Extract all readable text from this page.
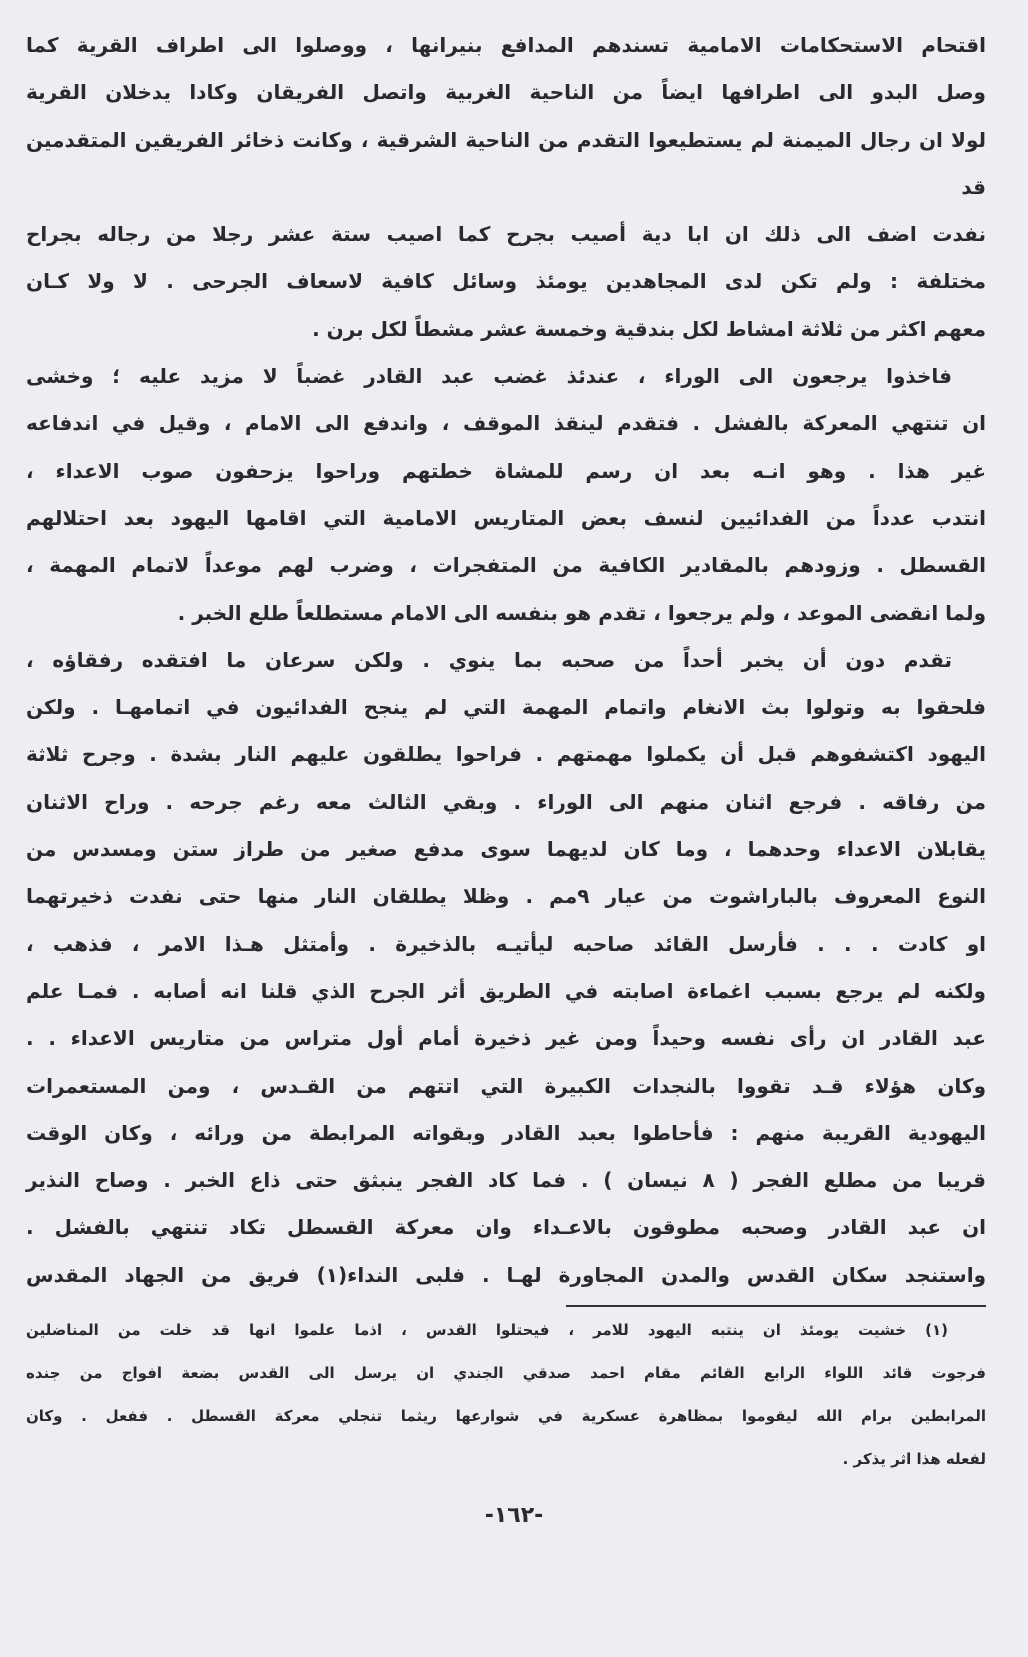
اقتحام الاستحكامات الامامية تسندهم المدافع بنيرانها ، ووصلوا الى اطراف القرية كما
وصل البدو الى اطرافها ايضاً من الناحية الغربية واتصل الفريقان وكادا يدخلان القرية
لولا ان رجال الميمنة لم يستطيعوا التقدم من الناحية الشرقية ، وكانت ذخائر الفريقين المتقدمين قد
نفدت اضف الى ذلك ان ابا دية أصيب بجرح كما اصيب ستة عشر رجلا من رجاله بجراح
مختلفة : ولم تكن لدى المجاهدين يومئذ وسائل كافية لاسعاف الجرحى . لا ولا كـان
معهم اكثر من ثلاثة امشاط لكل بندقية وخمسة عشر مشطاً لكل برن .
فاخذوا يرجعون الى الوراء ، عندئذ غضب عبد القادر غضباً لا مزيد عليه ؛ وخشى
ان تنتهي المعركة بالفشل . فتقدم لينقذ الموقف ، واندفع الى الامام ، وقيل في اندفاعه
غير هذا . وهو انـه بعد ان رسم للمشاة خطتهم وراحوا يزحفون صوب الاعداء ،
انتدب عدداً من الفدائيين لنسف بعض المتاريس الامامية التي اقامها اليهود بعد احتلالهم
القسطل . وزودهم بالمقادير الكافية من المتفجرات ، وضرب لهم موعداً لاتمام المهمة ،
ولما انقضى الموعد ، ولم يرجعوا ، تقدم هو بنفسه الى الامام مستطلعاً طلع الخبر .
تقدم دون أن يخبر أحداً من صحبه بما ينوي . ولكن سرعان ما افتقده رفقاؤه ،
فلحقوا به وتولوا بث الانغام واتمام المهمة التي لم ينجح الفدائيون في اتمامهـا . ولكن
اليهود اكتشفوهم قبل أن يكملوا مهمتهم . فراحوا يطلقون عليهم النار بشدة . وجرح ثلاثة
من رفاقه . فرجع اثنان منهم الى الوراء . وبقي الثالث معه رغم جرحه . وراح الاثنان
يقابلان الاعداء وحدهما ، وما كان لديهما سوى مدفع صغير من طراز ستن ومسدس من
النوع المعروف بالباراشوت من عيار ٩مم . وظلا يطلقان النار منها حتى نفدت ذخيرتهما
او كادت . . . فأرسل القائد صاحبه ليأتيـه بالذخيرة . وأمتثل هـذا الامر ، فذهب ،
ولكنه لم يرجع بسبب اغماءة اصابته في الطريق أثر الجرح الذي قلنا انه أصابه . فمـا علم
عبد القادر ان رأى نفسه وحيداً ومن غير ذخيرة أمام أول متراس من متاريس الاعداء . .
وكان هؤلاء قـد تقووا بالنجدات الكبيرة التي اتتهم من القـدس ، ومن المستعمرات
اليهودية القريبة منهم : فأحاطوا بعبد القادر وبقواته المرابطة من ورائه ، وكان الوقت
قريبا من مطلع الفجر ( ٨ نيسان ) . فما كاد الفجر ينبثق حتى ذاع الخبر . وصاح النذير
ان عبد القادر وصحبه مطوقون بالاعـداء وان معركة القسطل تكاد تنتهي بالفشل .
واستنجد سكان القدس والمدن المجاورة لهـا . فلبى النداء(١) فريق من الجهاد المقدس
(١) خشيت يومئذ ان ينتبه اليهود للامر ، فيحتلوا القدس ، اذما علموا انها قد خلت من المناضلين
فرجوت قائد اللواء الرابع القائم مقام احمد صدقي الجندي ان يرسل الى القدس بضعة افواج من جنده
المرابطين برام الله ليقوموا بمظاهرة عسكرية في شوارعها ريثما تنجلي معركة القسطل . ففعل . وكان
لفعله هذا اثر يذكر .
-١٦٢-
